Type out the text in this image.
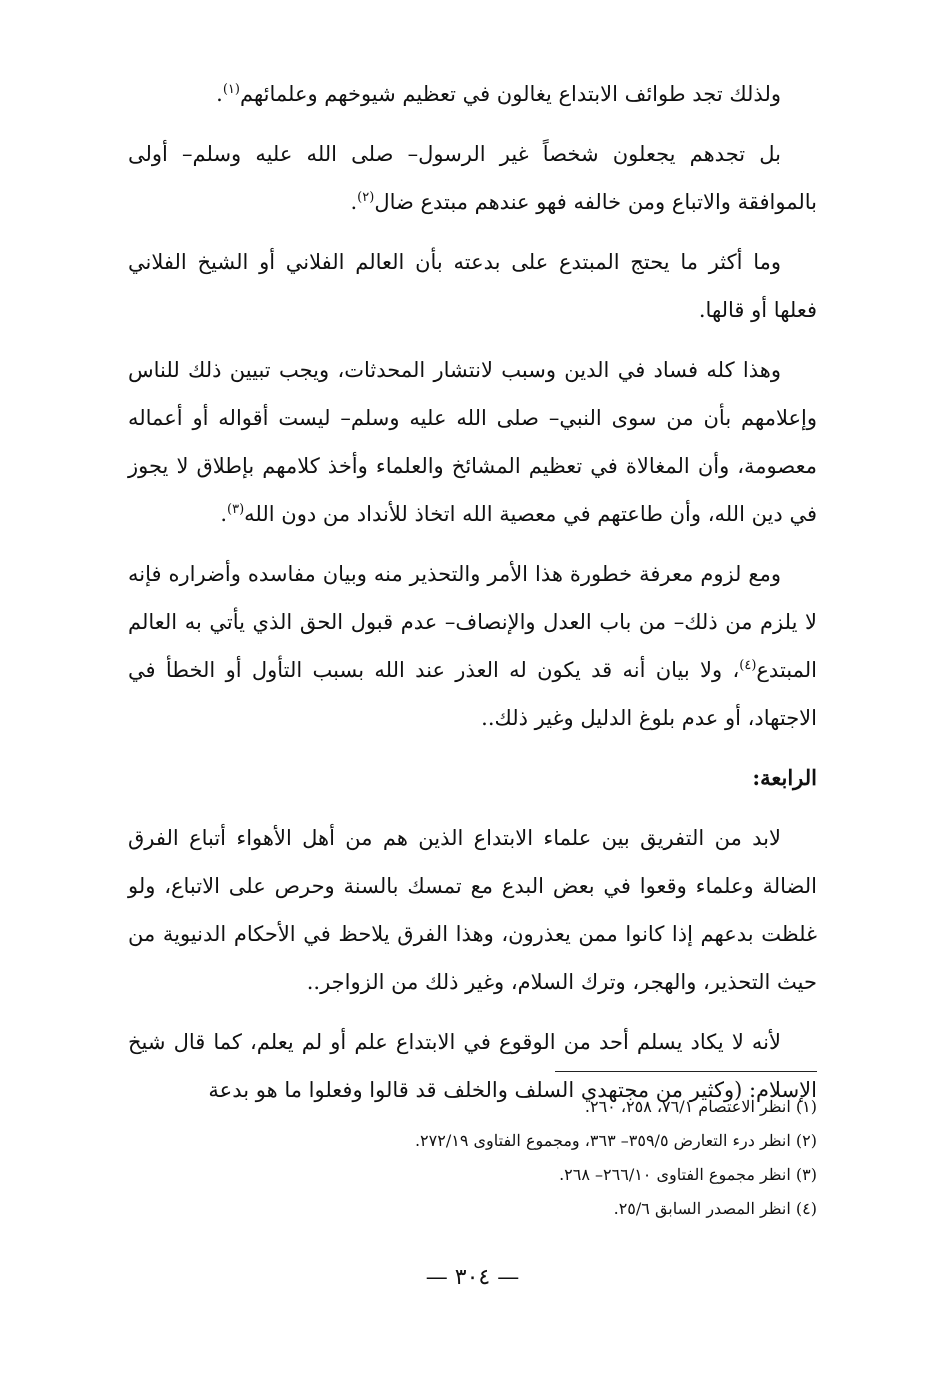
ولذلك تجد طوائف الابتداع يغالون في تعظيم شيوخهم وعلمائهم$^{(١)}$.

بل تجدهم يجعلون شخصاً غير الرسول– صلى الله عليه وسلم– أولى بالموافقة والاتباع ومن خالفه فهو عندهم مبتدع ضال$^{(٢)}$.

وما أكثر ما يحتج المبتدع على بدعته بأن العالم الفلاني أو الشيخ الفلاني فعلها أو قالها.

وهذا كله فساد في الدين وسبب لانتشار المحدثات، ويجب تبيين ذلك للناس وإعلامهم بأن من سوى النبي– صلى الله عليه وسلم– ليست أقواله أو أعماله معصومة، وأن المغالاة في تعظيم المشائخ والعلماء وأخذ كلامهم بإطلاق لا يجوز في دين الله، وأن طاعتهم في معصية الله اتخاذ للأنداد من دون الله$^{(٣)}$.

ومع لزوم معرفة خطورة هذا الأمر والتحذير منه وبيان مفاسده وأضراره فإنه لا يلزم من ذلك– من باب العدل والإنصاف– عدم قبول الحق الذي يأتي به العالم المبتدع$^{(٤)}$، ولا بيان أنه قد يكون له العذر عند الله بسبب التأول أو الخطأ في الاجتهاد، أو عدم بلوغ الدليل وغير ذلك..

الرابعة:

لابد من التفريق بين علماء الابتداع الذين هم من أهل الأهواء أتباع الفرق الضالة وعلماء وقعوا في بعض البدع مع تمسك بالسنة وحرص على الاتباع، ولو غلظت بدعهم إذا كانوا ممن يعذرون، وهذا الفرق يلاحظ في الأحكام الدنيوية من حيث التحذير، والهجر، وترك السلام، وغير ذلك من الزواجر..

لأنه لا يكاد يسلم أحد من الوقوع في الابتداع علم أو لم يعلم، كما قال شيخ الإسلام: (وكثير من مجتهدي السلف والخلف قد قالوا وفعلوا ما هو بدعة

(١) انظر الاعتصام ٧٦/١، ٢٥٨، ٢٦٠.

(٢) انظر درء التعارض ٣٥٩/٥– ٣٦٣، ومجموع الفتاوى ٢٧٢/١٩.

(٣) انظر مجموع الفتاوى ٢٦٦/١٠– ٢٦٨.

(٤) انظر المصدر السابق ٢٥/٦.

— ٣٠٤ —
